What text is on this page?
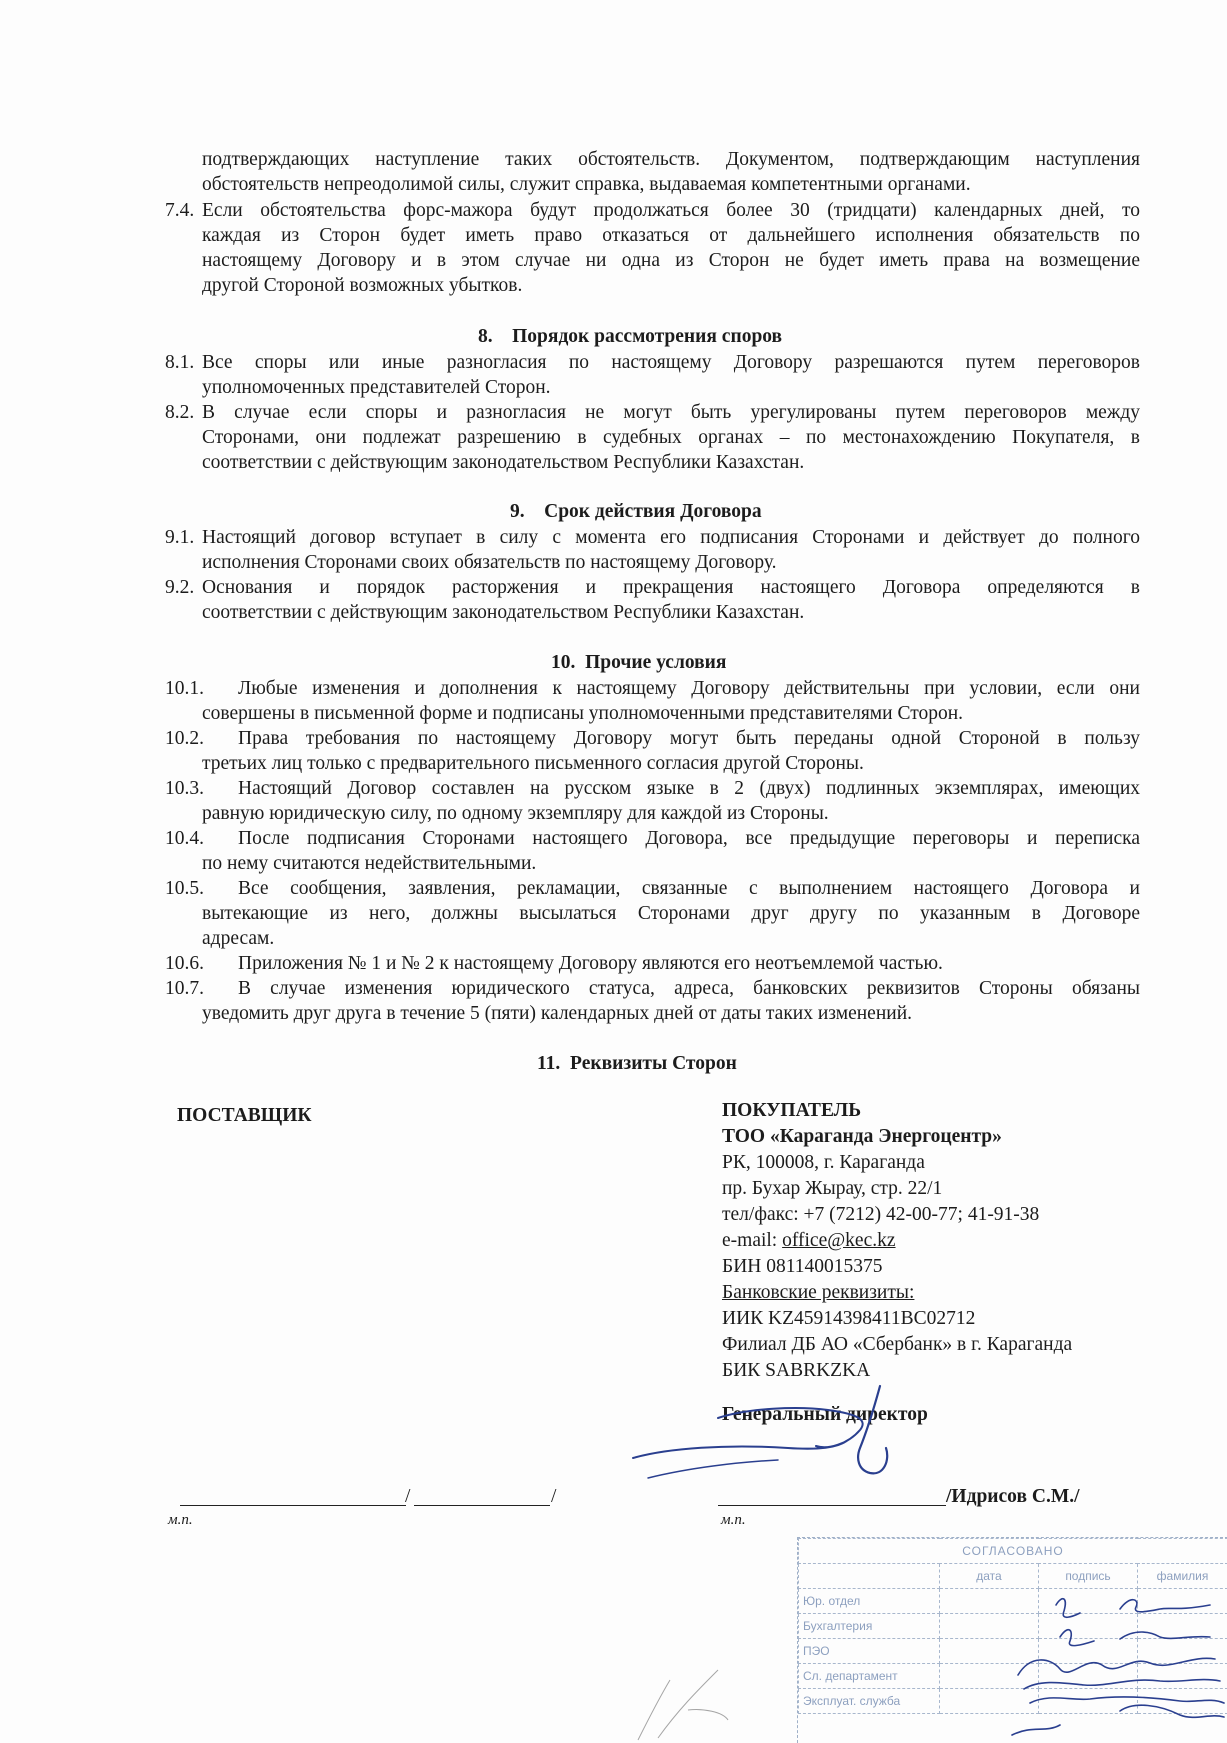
подтверждающих наступление таких обстоятельств. Документом, подтверждающим наступления
обстоятельств непреодолимой силы, служит справка, выдаваемая компетентными органами.
7.4. Если обстоятельства форс-мажора будут продолжаться более 30 (тридцати) календарных дней, то
каждая из Сторон будет иметь право отказаться от дальнейшего исполнения обязательств по
настоящему Договору и в этом случае ни одна из Сторон не будет иметь права на возмещение
другой Стороной возможных убытков.
8.    Порядок рассмотрения споров
8.1. Все споры или иные разногласия по настоящему Договору разрешаются путем переговоров
уполномоченных представителей Сторон.
8.2. В случае если споры и разногласия не могут быть урегулированы путем переговоров между
Сторонами, они подлежат разрешению в судебных органах – по местонахождению Покупателя, в
соответствии с действующим законодательством Республики Казахстан.
9.    Срок действия Договора
9.1. Настоящий договор вступает в силу с момента его подписания Сторонами и действует до полного
исполнения Сторонами своих обязательств по настоящему Договору.
9.2. Основания и порядок расторжения и прекращения настоящего Договора определяются в
соответствии с действующим законодательством Республики Казахстан.
10.  Прочие условия
10.1. Любые изменения и дополнения к настоящему Договору действительны при условии, если они
совершены в письменной форме и подписаны уполномоченными представителями Сторон.
10.2. Права требования по настоящему Договору могут быть переданы одной Стороной в пользу
третьих лиц только с предварительного письменного согласия другой Стороны.
10.3. Настоящий Договор составлен на русском языке в 2 (двух) подлинных экземплярах, имеющих
равную юридическую силу, по одному экземпляру для каждой из Стороны.
10.4. После подписания Сторонами настоящего Договора, все предыдущие переговоры и переписка
по нему считаются недействительными.
10.5. Все сообщения, заявления, рекламации, связанные с выполнением настоящего Договора и
вытекающие из него, должны высылаться Сторонами друг другу по указанным в Договоре
адресам.
10.6. Приложения № 1 и № 2 к настоящему Договору являются его неотъемлемой частью.
10.7. В случае изменения юридического статуса, адреса, банковских реквизитов Стороны обязаны
уведомить друг друга в течение 5 (пяти) календарных дней от даты таких изменений.
11.  Реквизиты Сторон
ПОСТАВЩИК	ПОКУПАТЕЛЬ
ТОО «Караганда Энергоцентр»
РК, 100008, г. Караганда
пр. Бухар Жырау, стр. 22/1
тел/факс: +7 (7212) 42-00-77; 41-91-38
e-mail: office@kec.kz
БИН 081140015375
Банковские реквизиты:
ИИК KZ45914398411BC02712
Филиал ДБ АО «Сбербанк» в г. Караганда
БИК SABRKZKA
Генеральный директор
/	/	/Идрисов С.М./
м.п.	м.п.
СОГЛАСОВАНО			
	дата	подпись	фамилия
Юр. отдел			
Бухгалтерия			
ПЭО			
Сл. департамент			
Эксплуат. служба			
